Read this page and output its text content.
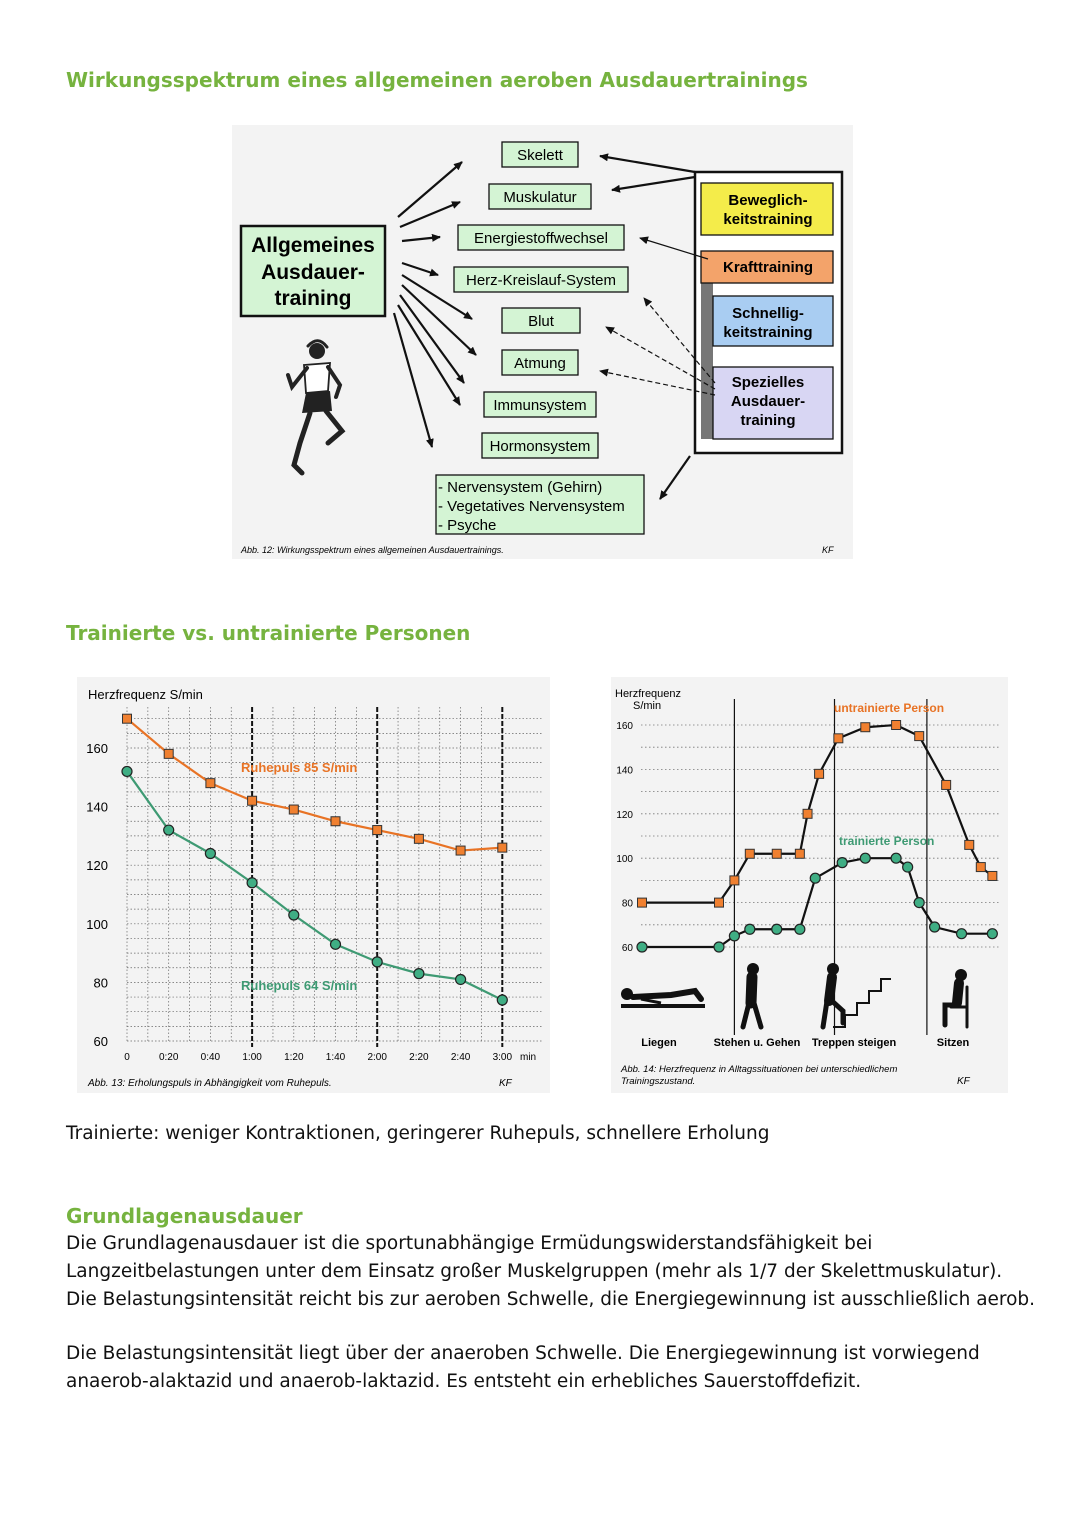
Wirkungsspektrum eines allgemeinen aeroben Ausdauertrainings
Allgemeines
Ausdauer-
training
Skelett
Muskulatur
Energiestoffwechsel
Herz-Kreislauf-System
Blut
Atmung
Immunsystem
Hormonsystem
- Nervensystem (Gehirn)
- Vegetatives Nervensystem
- Psyche
Beweglich-
keitstraining
Krafttraining
Schnellig-
keitstraining
Spezielles
Ausdauer-
training
Abb. 12: Wirkungsspektrum eines allgemeinen Ausdauertrainings.	KF
Trainierte vs. untrainierte Personen
Herzfrequenz S/min
60
80
100
120
140
160
0	0:20 0:40 1:00 1:20 1:40 2:00 2:20 2:40 3:00
Ruhepuls 85 S/min
Ruhepuls 64 S/min
min
Abb. 13: Erholungspuls in Abhängigkeit vom Ruhepuls.	KF
Herzfrequenz
S/min
60
80
100
120
140
160
untrainierte Person
trainierte Person
Liegen	Stehen u. Gehen Treppen steigen	Sitzen
Abb. 14: Herzfrequenz in Alltagssituationen bei unterschiedlichem
Trainingszustand.	KF
Trainierte: weniger Kontraktionen, geringerer Ruhepuls, schnellere Erholung
Grundlagenausdauer
Die Grundlagenausdauer ist die sportunabhängige Ermüdungswiderstandsfähigkeit bei
Langzeitbelastungen unter dem Einsatz großer Muskelgruppen (mehr als 1/7 der Skelettmuskulatur).
Die Belastungsintensität reicht bis zur aeroben Schwelle, die Energiegewinnung ist ausschließlich aerob.
Die Belastungsintensität liegt über der anaeroben Schwelle. Die Energiegewinnung ist vorwiegend
anaerob-alaktazid und anaerob-laktazid. Es entsteht ein erhebliches Sauerstoffdefizit.
